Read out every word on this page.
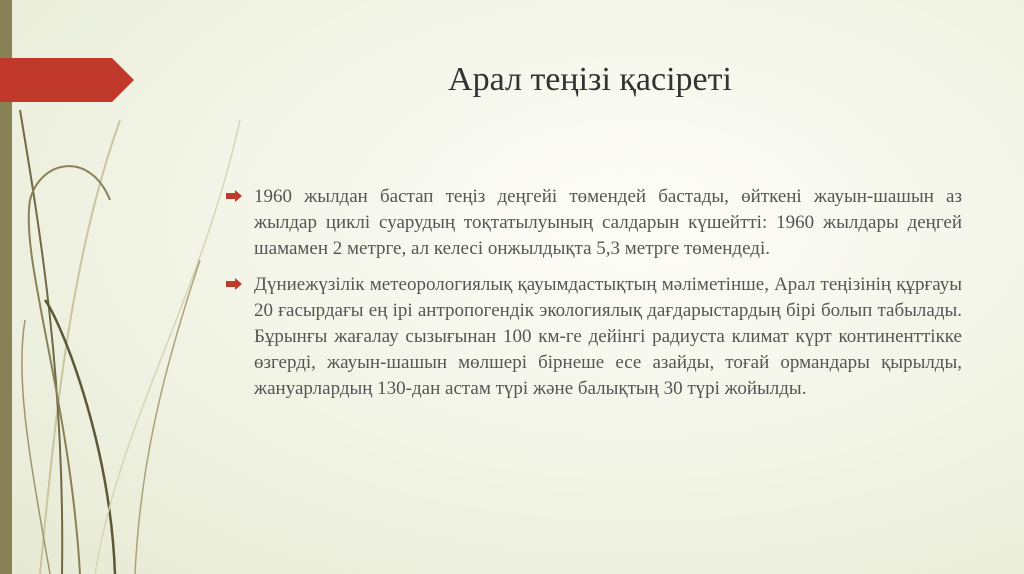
Арал теңізі қасіреті
1960 жылдан бастап теңіз деңгейі төмендей бастады, өйткені жауын-шашын аз жылдар циклі суарудың тоқтатылуының салдарын күшейтті: 1960 жылдары деңгей шамамен 2 метрге, ал келесі онжылдықта 5,3 метрге төмендеді.
Дүниежүзілік метеорологиялық қауымдастықтың мәліметінше, Арал теңізінің құрғауы 20 ғасырдағы ең ірі антропогендік экологиялық дағдарыстардың бірі болып табылады. Бұрынғы жағалау сызығынан 100 км-ге дейінгі радиуста климат күрт континенттікке өзгерді, жауын-шашын мөлшері бірнеше есе азайды, тоғай ормандары қырылды, жануарлардың 130-дан астам түрі және балықтың 30 түрі жойылды.
